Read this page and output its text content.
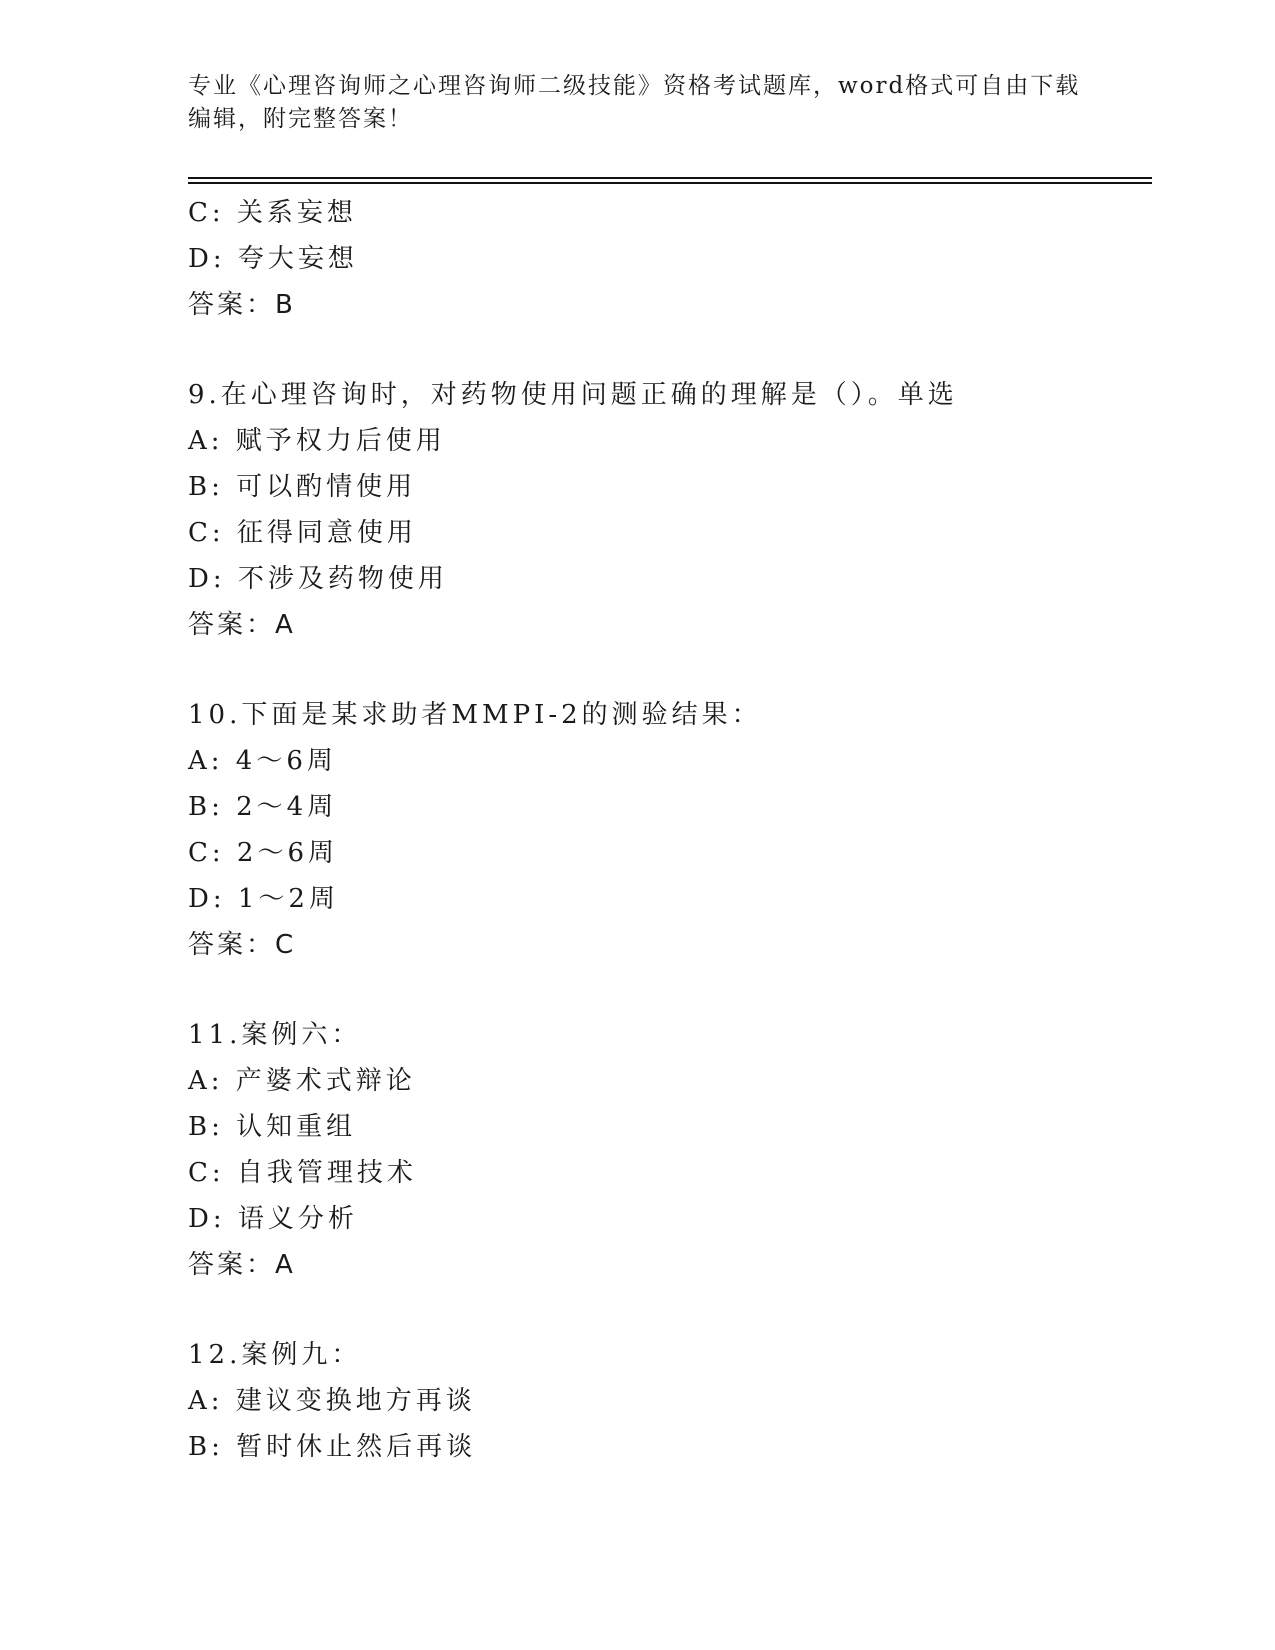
专业《心理咨询师之心理咨询师二级技能》资格考试题库，word格式可自由下载
编辑，附完整答案！
C: 关系妄想
D: 夸大妄想
答案：B
9.在心理咨询时，对药物使用问题正确的理解是（）。单选
A: 赋予权力后使用
B: 可以酌情使用
C: 征得同意使用
D: 不涉及药物使用
答案：A
10.下面是某求助者MMPI-2的测验结果：
A: 4～6周
B: 2～4周
C: 2～6周
D: 1～2周
答案：C
11.案例六：
A: 产婆术式辩论
B: 认知重组
C: 自我管理技术
D: 语义分析
答案：A
12.案例九：
A: 建议变换地方再谈
B: 暂时休止然后再谈
